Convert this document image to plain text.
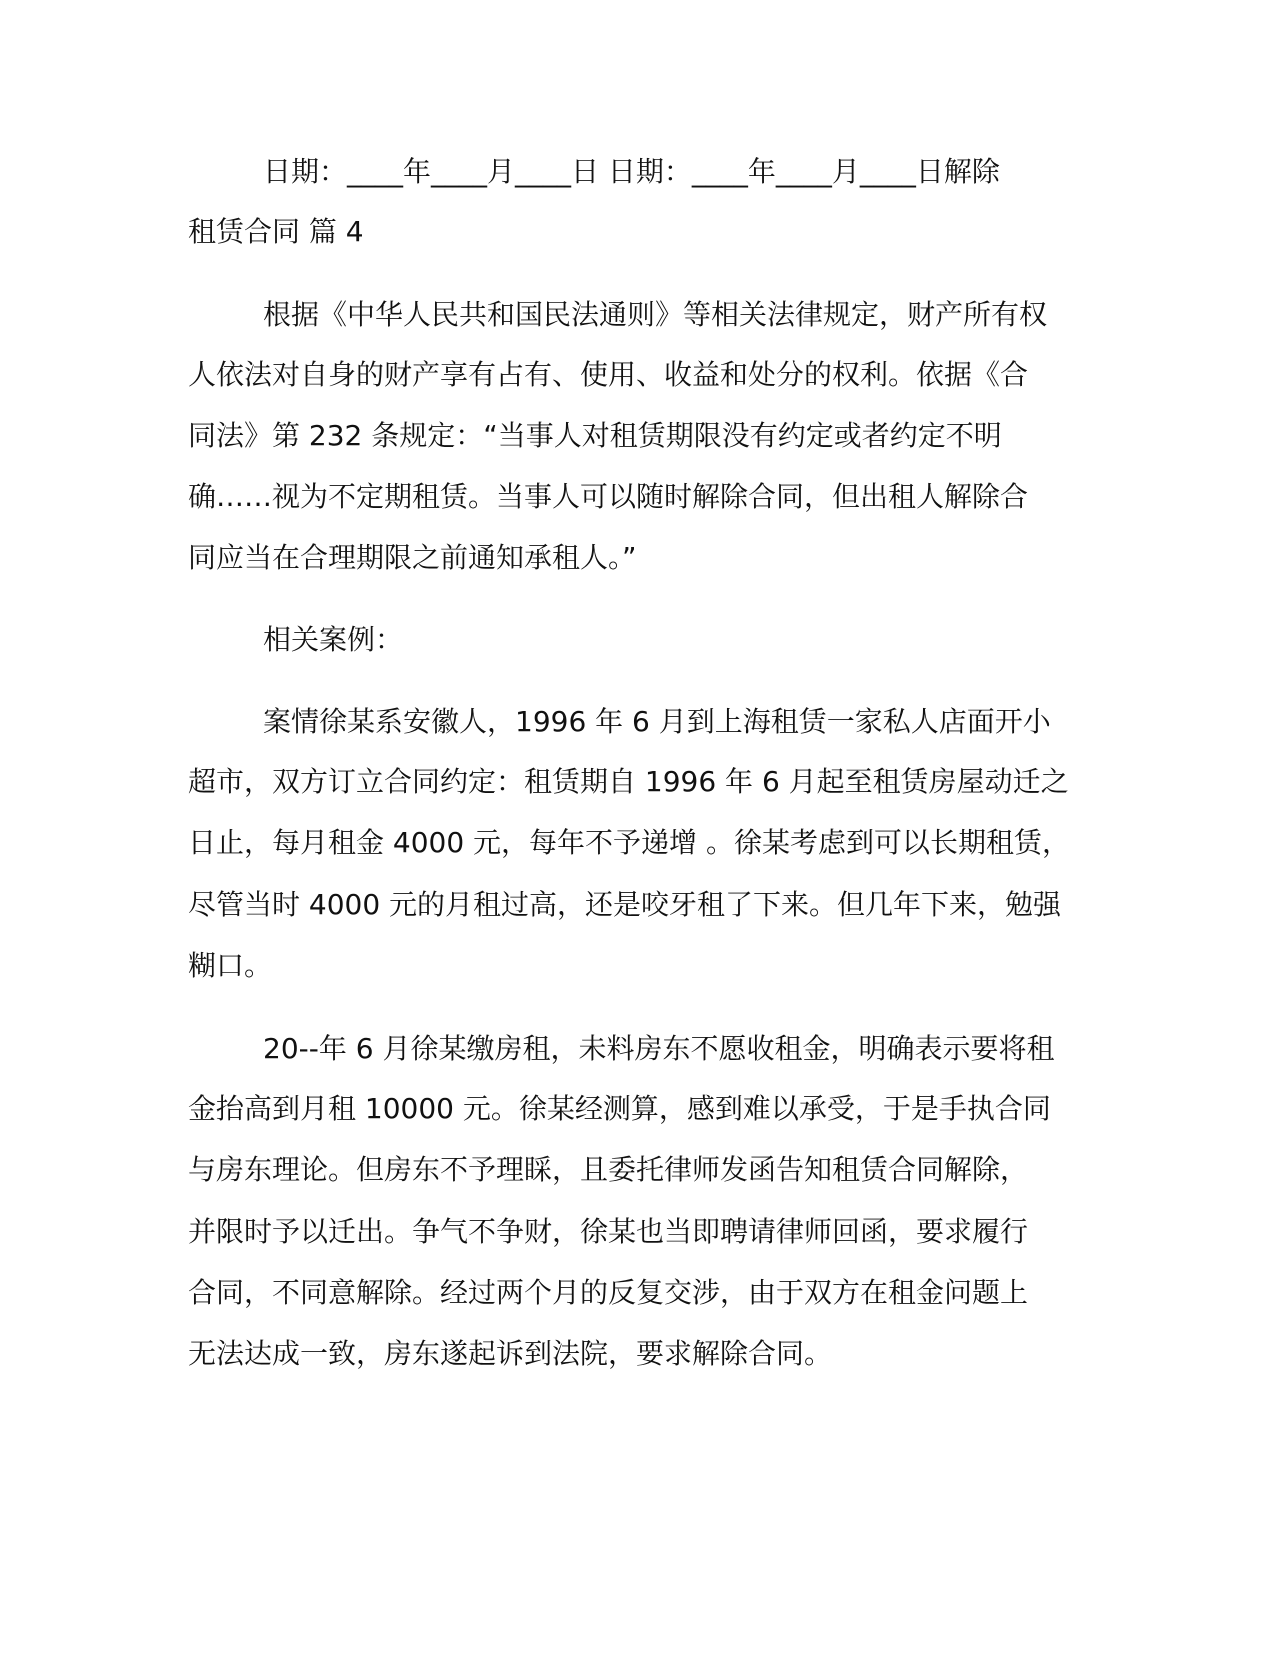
日期：____年____月____日 日期：____年____月____日解除

租赁合同 篇 4

根据《中华人民共和国民法通则》等相关法律规定，财产所有权

人依法对自身的财产享有占有、使用、收益和处分的权利。依据《合

同法》第 232 条规定：“当事人对租赁期限没有约定或者约定不明

确……视为不定期租赁。当事人可以随时解除合同，但出租人解除合

同应当在合理期限之前通知承租人。”

相关案例：

案情徐某系安徽人，1996 年 6 月到上海租赁一家私人店面开小

超市，双方订立合同约定：租赁期自 1996 年 6 月起至租赁房屋动迁之

日止，每月租金 4000 元，每年不予递增 。徐某考虑到可以长期租赁，

尽管当时 4000 元的月租过高，还是咬牙租了下来。但几年下来，勉强

糊口。

20--年 6 月徐某缴房租，未料房东不愿收租金，明确表示要将租

金抬高到月租 10000 元。徐某经测算，感到难以承受，于是手执合同

与房东理论。但房东不予理睬，且委托律师发函告知租赁合同解除，

并限时予以迁出。争气不争财，徐某也当即聘请律师回函，要求履行

合同，不同意解除。经过两个月的反复交涉，由于双方在租金问题上

无法达成一致，房东遂起诉到法院，要求解除合同。
